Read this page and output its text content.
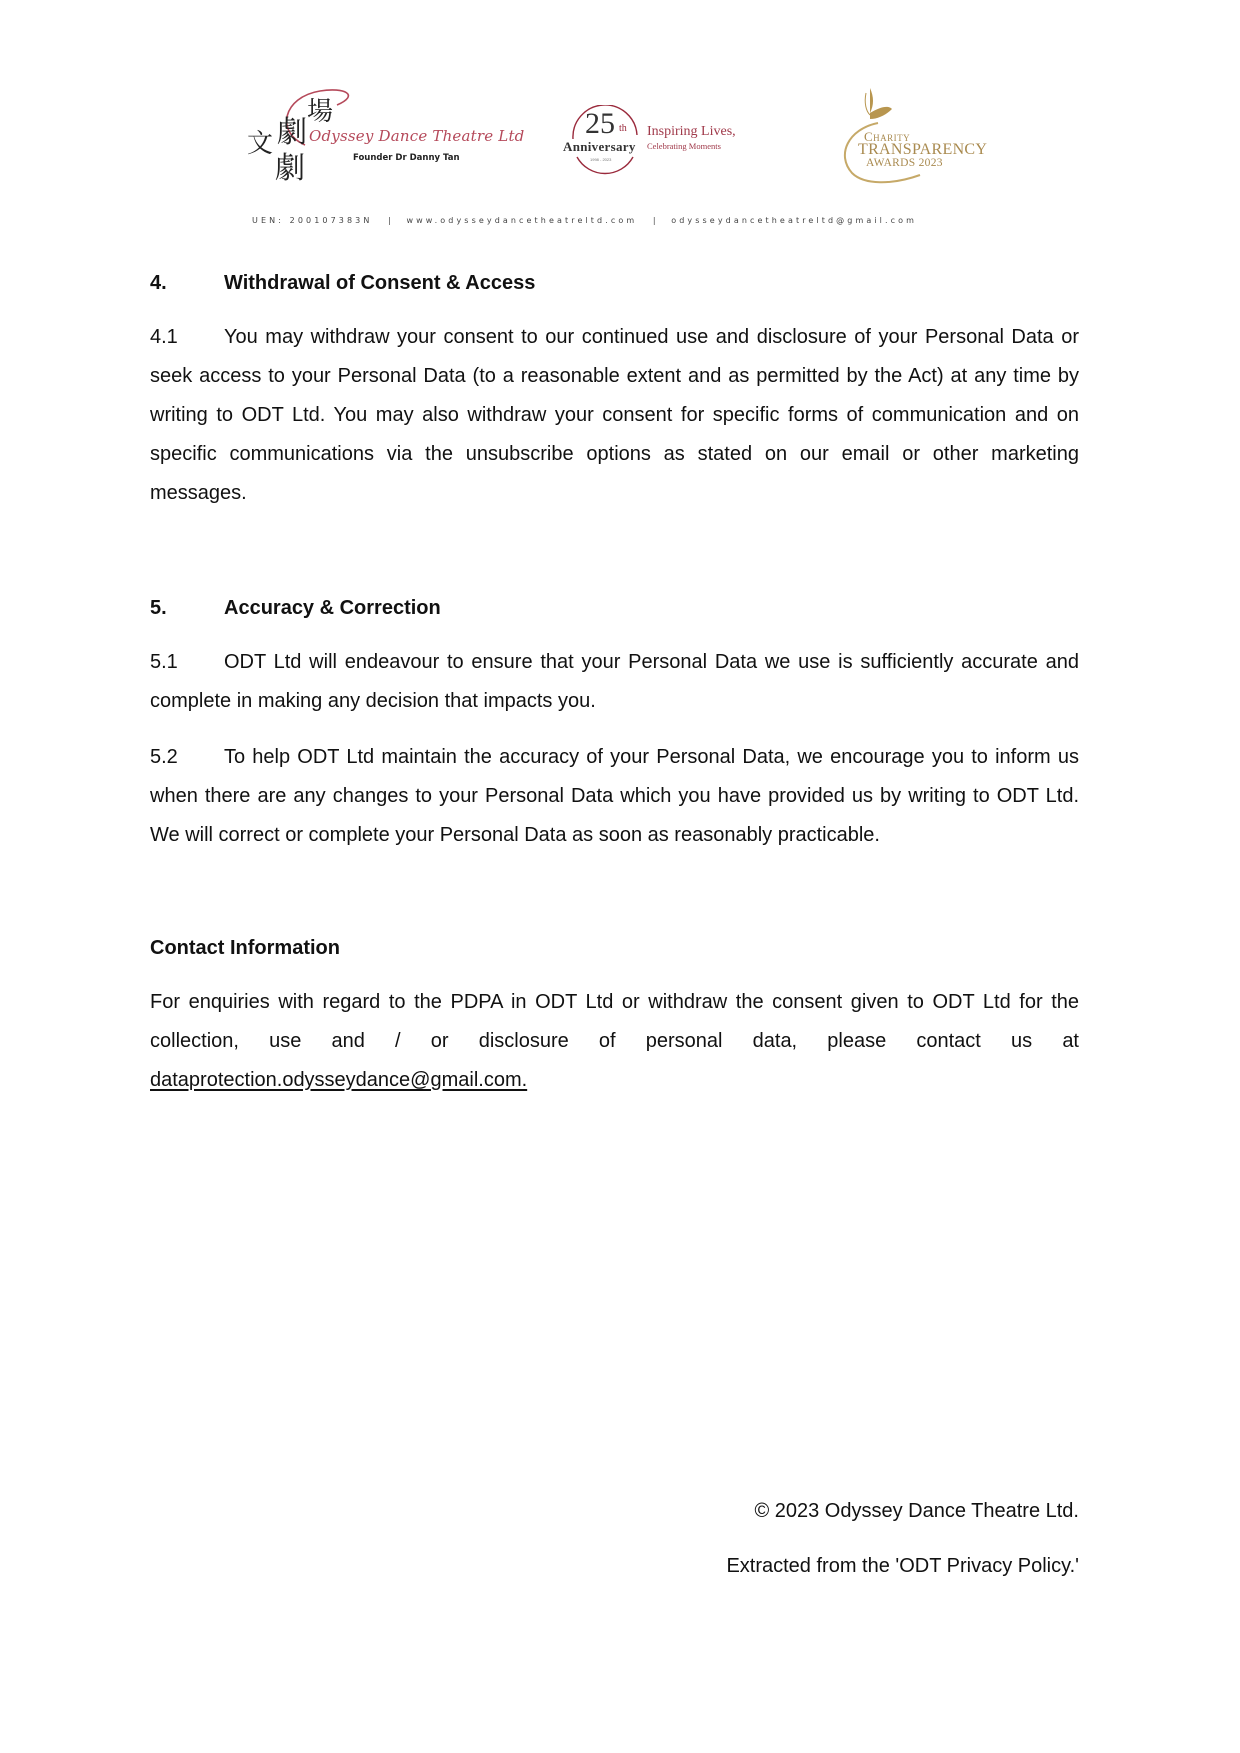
文 劇
場
劇
Odyssey Dance Theatre Ltd
Founder Dr Danny Tan
25 th
Anniversary
1998 - 2023
Inspiring Lives,
Celebrating Moments
Charity
TRANSPARENCY
AWARDS 2023
UEN: 200107383N | www.odysseydancetheatreltd.com | odysseydancetheatreltd@gmail.com
4.	Withdrawal of Consent & Access

4.1 You may withdraw your consent to our continued use and disclosure of your Personal Data or seek access to your Personal Data (to a reasonable extent and as permitted by the Act) at any time by writing to ODT Ltd. You may also withdraw your consent for specific forms of communication and on specific communications via the unsubscribe options as stated on our email or other marketing messages.

5.	Accuracy & Correction

5.1 ODT Ltd will endeavour to ensure that your Personal Data we use is sufficiently accurate and complete in making any decision that impacts you.

5.2 To help ODT Ltd maintain the accuracy of your Personal Data, we encourage you to inform us when there are any changes to your Personal Data which you have provided us by writing to ODT Ltd. We will correct or complete your Personal Data as soon as reasonably practicable.

Contact Information

For enquiries with regard to the PDPA in ODT Ltd or withdraw the consent given to ODT Ltd for the collection, use and / or disclosure of personal data, please contact us at dataprotection.odysseydance@gmail.com.

© 2023 Odyssey Dance Theatre Ltd.
Extracted from the 'ODT Privacy Policy.'
